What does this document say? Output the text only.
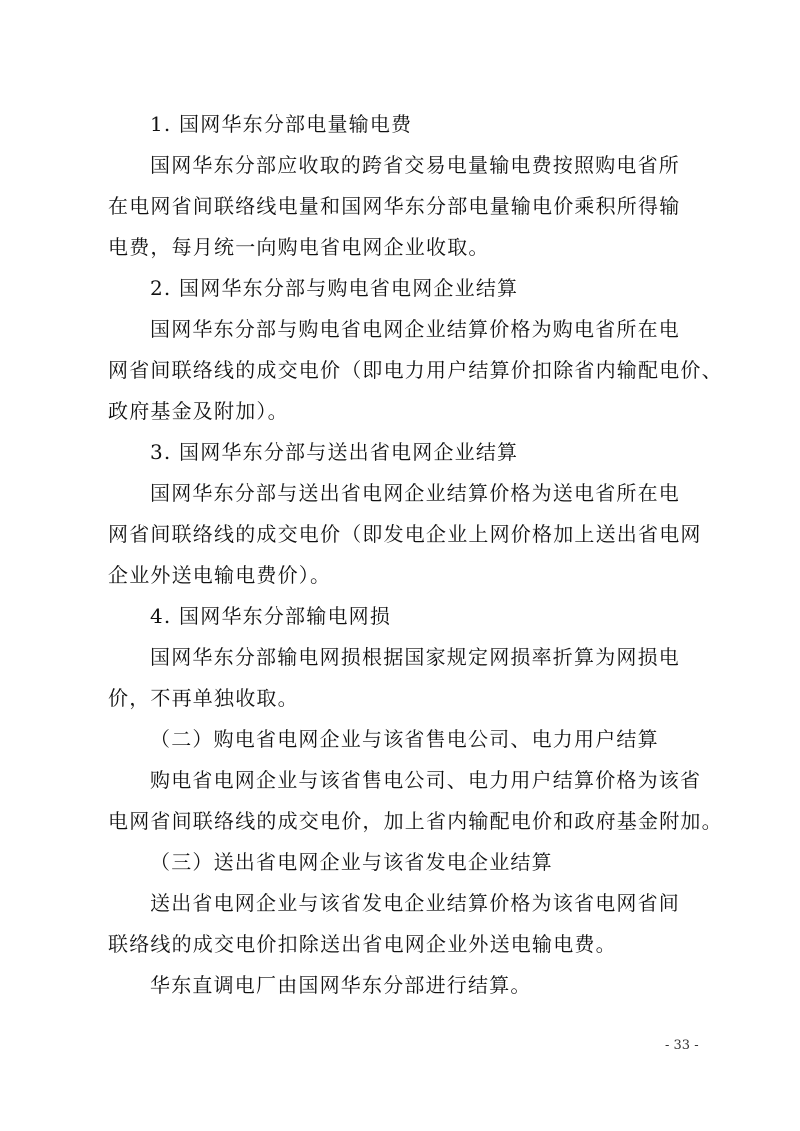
1. 国网华东分部电量输电费
国网华东分部应收取的跨省交易电量输电费按照购电省所
在电网省间联络线电量和国网华东分部电量输电价乘积所得输
电费，每月统一向购电省电网企业收取。
2. 国网华东分部与购电省电网企业结算
国网华东分部与购电省电网企业结算价格为购电省所在电
网省间联络线的成交电价（即电力用户结算价扣除省内输配电价、
政府基金及附加）。
3. 国网华东分部与送出省电网企业结算
国网华东分部与送出省电网企业结算价格为送电省所在电
网省间联络线的成交电价（即发电企业上网价格加上送出省电网
企业外送电输电费价）。
4. 国网华东分部输电网损
国网华东分部输电网损根据国家规定网损率折算为网损电
价，不再单独收取。
（二）购电省电网企业与该省售电公司、电力用户结算
购电省电网企业与该省售电公司、电力用户结算价格为该省
电网省间联络线的成交电价，加上省内输配电价和政府基金附加。
（三）送出省电网企业与该省发电企业结算
送出省电网企业与该省发电企业结算价格为该省电网省间
联络线的成交电价扣除送出省电网企业外送电输电费。
华东直调电厂由国网华东分部进行结算。
- 33 -
